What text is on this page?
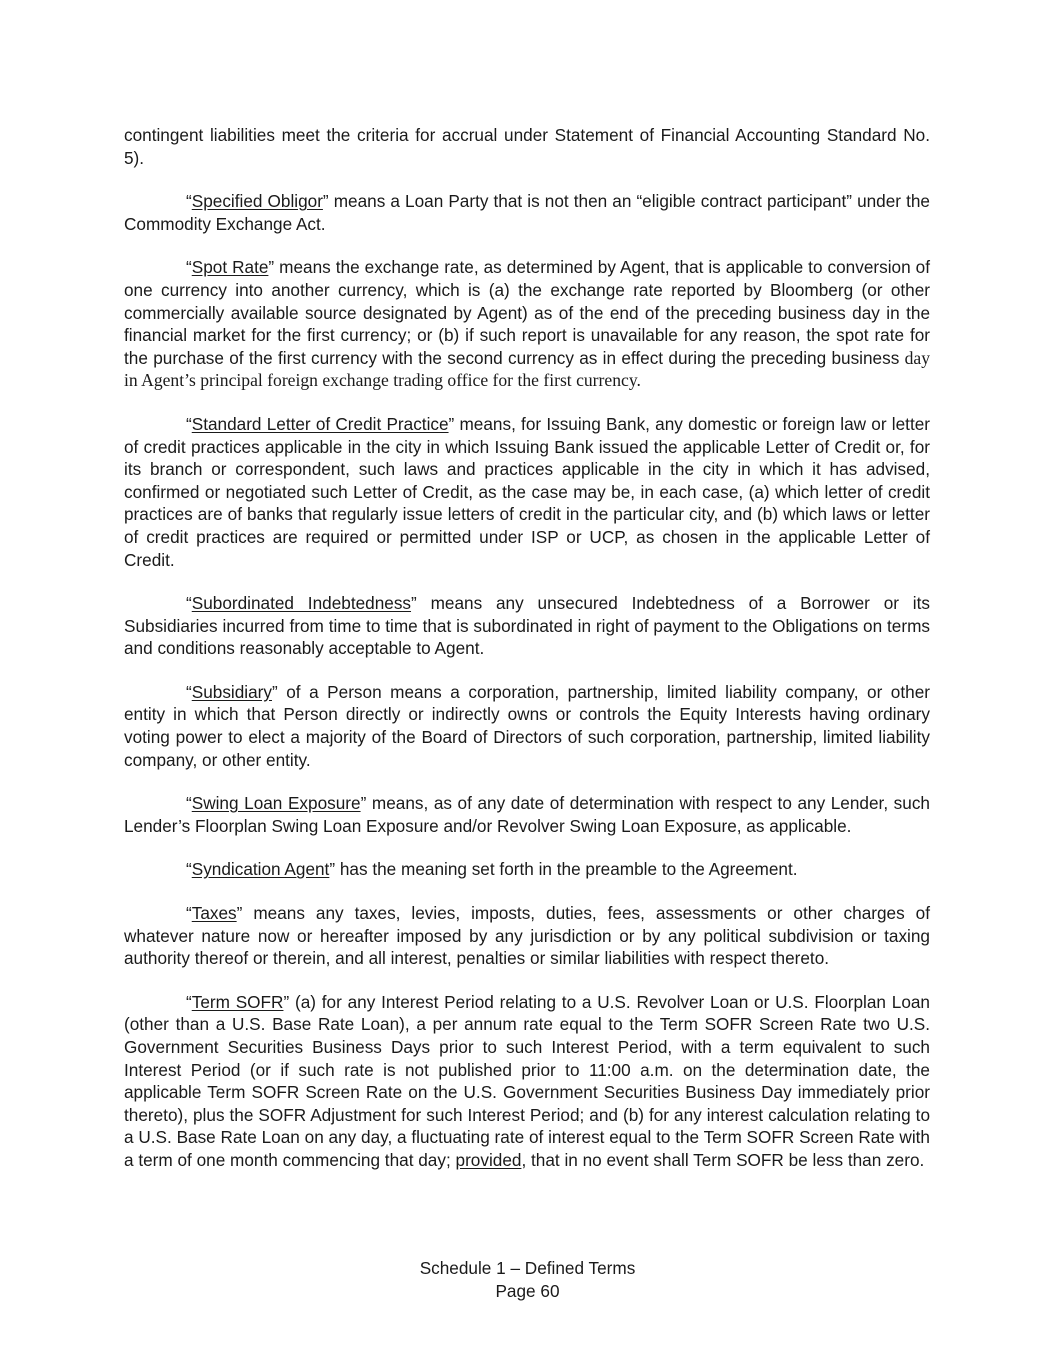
contingent liabilities meet the criteria for accrual under Statement of Financial Accounting Standard No. 5).

“Specified Obligor” means a Loan Party that is not then an “eligible contract participant” under the Commodity Exchange Act.

“Spot Rate” means the exchange rate, as determined by Agent, that is applicable to conversion of one currency into another currency, which is (a) the exchange rate reported by Bloomberg (or other commercially available source designated by Agent) as of the end of the preceding business day in the financial market for the first currency; or (b) if such report is unavailable for any reason, the spot rate for the purchase of the first currency with the second currency as in effect during the preceding business day in Agent’s principal foreign exchange trading office for the first currency.

“Standard Letter of Credit Practice” means, for Issuing Bank, any domestic or foreign law or letter of credit practices applicable in the city in which Issuing Bank issued the applicable Letter of Credit or, for its branch or correspondent, such laws and practices applicable in the city in which it has advised, confirmed or negotiated such Letter of Credit, as the case may be, in each case, (a) which letter of credit practices are of banks that regularly issue letters of credit in the particular city, and (b) which laws or letter of credit practices are required or permitted under ISP or UCP, as chosen in the applicable Letter of Credit.

“Subordinated Indebtedness” means any unsecured Indebtedness of a Borrower or its Subsidiaries incurred from time to time that is subordinated in right of payment to the Obligations on terms and conditions reasonably acceptable to Agent.

“Subsidiary” of a Person means a corporation, partnership, limited liability company, or other entity in which that Person directly or indirectly owns or controls the Equity Interests having ordinary voting power to elect a majority of the Board of Directors of such corporation, partnership, limited liability company, or other entity.

“Swing Loan Exposure” means, as of any date of determination with respect to any Lender, such Lender’s Floorplan Swing Loan Exposure and/or Revolver Swing Loan Exposure, as applicable.

“Syndication Agent” has the meaning set forth in the preamble to the Agreement.

“Taxes” means any taxes, levies, imposts, duties, fees, assessments or other charges of whatever nature now or hereafter imposed by any jurisdiction or by any political subdivision or taxing authority thereof or therein, and all interest, penalties or similar liabilities with respect thereto.

“Term SOFR” (a) for any Interest Period relating to a U.S. Revolver Loan or U.S. Floorplan Loan (other than a U.S. Base Rate Loan), a per annum rate equal to the Term SOFR Screen Rate two U.S. Government Securities Business Days prior to such Interest Period, with a term equivalent to such Interest Period (or if such rate is not published prior to 11:00 a.m. on the determination date, the applicable Term SOFR Screen Rate on the U.S. Government Securities Business Day immediately prior thereto), plus the SOFR Adjustment for such Interest Period; and (b) for any interest calculation relating to a U.S. Base Rate Loan on any day, a fluctuating rate of interest equal to the Term SOFR Screen Rate with a term of one month commencing that day; provided, that in no event shall Term SOFR be less than zero.

Schedule 1 – Defined Terms
Page 60
